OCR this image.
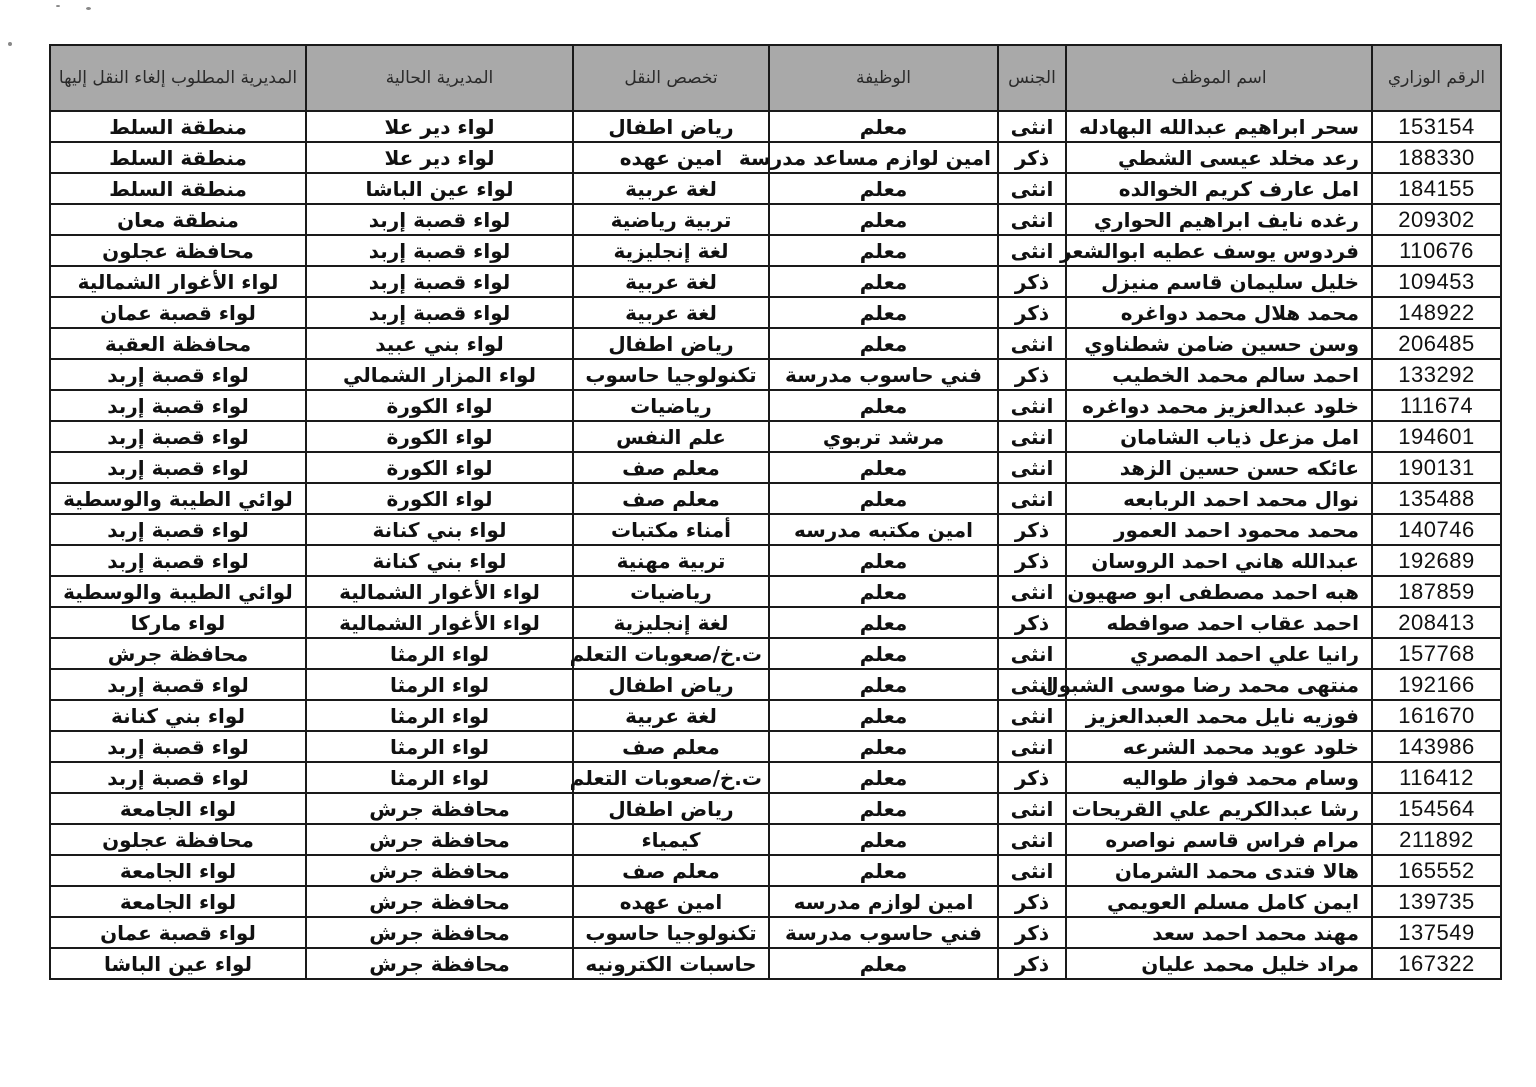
الرقم الوزاري	اسم الموظف	الجنس	الوظيفة	تخصص النقل	المديرية الحالية	المديرية المطلوب إلغاء النقل إليها
153154	سحر ابراهيم عبدالله البهادله	انثى	معلم	رياض اطفال	لواء دير علا	منطقة السلط
188330	رعد مخلد عيسى الشطي	ذكر	امين لوازم مساعد مدرسة	امين عهده	لواء دير علا	منطقة السلط
184155	امل عارف كريم الخوالده	انثى	معلم	لغة عربية	لواء عين الباشا	منطقة السلط
209302	رغده نايف ابراهيم الحواري	انثى	معلم	تربية رياضية	لواء قصبة إربد	منطقة معان
110676	فردوس يوسف عطيه ابوالشعر	انثى	معلم	لغة إنجليزية	لواء قصبة إربد	محافظة عجلون
109453	خليل سليمان قاسم منيزل	ذكر	معلم	لغة عربية	لواء قصبة إربد	لواء الأغوار الشمالية
148922	محمد هلال محمد دواغره	ذكر	معلم	لغة عربية	لواء قصبة إربد	لواء قصبة عمان
206485	وسن حسين ضامن شطناوي	انثى	معلم	رياض اطفال	لواء بني عبيد	محافظة العقبة
133292	احمد سالم محمد الخطيب	ذكر	فني حاسوب مدرسة	تكنولوجيا حاسوب	لواء المزار الشمالي	لواء قصبة إربد
111674	خلود عبدالعزيز محمد دواغره	انثى	معلم	رياضيات	لواء الكورة	لواء قصبة إربد
194601	امل مزعل ذياب الشامان	انثى	مرشد تربوي	علم النفس	لواء الكورة	لواء قصبة إربد
190131	عائكه حسن حسين الزهد	انثى	معلم	معلم صف	لواء الكورة	لواء قصبة إربد
135488	نوال محمد احمد الربابعه	انثى	معلم	معلم صف	لواء الكورة	لوائي الطيبة والوسطية
140746	محمد محمود احمد العمور	ذكر	امين مكتبه مدرسه	أمناء مكتبات	لواء بني كنانة	لواء قصبة إربد
192689	عبدالله هاني احمد الروسان	ذكر	معلم	تربية مهنية	لواء بني كنانة	لواء قصبة إربد
187859	هبه احمد مصطفى ابو صهيون	انثى	معلم	رياضيات	لواء الأغوار الشمالية	لوائي الطيبة والوسطية
208413	احمد عقاب احمد صوافطه	ذكر	معلم	لغة إنجليزية	لواء الأغوار الشمالية	لواء ماركا
157768	رانيا علي احمد المصري	انثى	معلم	ت.خ/صعوبات التعلم	لواء الرمثا	محافظة جرش
192166	منتهى محمد رضا موسى الشبول	انثى	معلم	رياض اطفال	لواء الرمثا	لواء قصبة إربد
161670	فوزيه نايل محمد العبدالعزيز	انثى	معلم	لغة عربية	لواء الرمثا	لواء بني كنانة
143986	خلود عويد محمد الشرعه	انثى	معلم	معلم صف	لواء الرمثا	لواء قصبة إربد
116412	وسام محمد فواز طواليه	ذكر	معلم	ت.خ/صعوبات التعلم	لواء الرمثا	لواء قصبة إربد
154564	رشا عبدالكريم علي القريحات	انثى	معلم	رياض اطفال	محافظة جرش	لواء الجامعة
211892	مرام فراس قاسم نواصره	انثى	معلم	كيمياء	محافظة جرش	محافظة عجلون
165552	هالا فتدى محمد الشرمان	انثى	معلم	معلم صف	محافظة جرش	لواء الجامعة
139735	ايمن كامل مسلم العويمي	ذكر	امين لوازم مدرسه	امين عهده	محافظة جرش	لواء الجامعة
137549	مهند محمد احمد سعد	ذكر	فني حاسوب مدرسة	تكنولوجيا حاسوب	محافظة جرش	لواء قصبة عمان
167322	مراد خليل محمد عليان	ذكر	معلم	حاسبات الكترونيه	محافظة جرش	لواء عين الباشا
